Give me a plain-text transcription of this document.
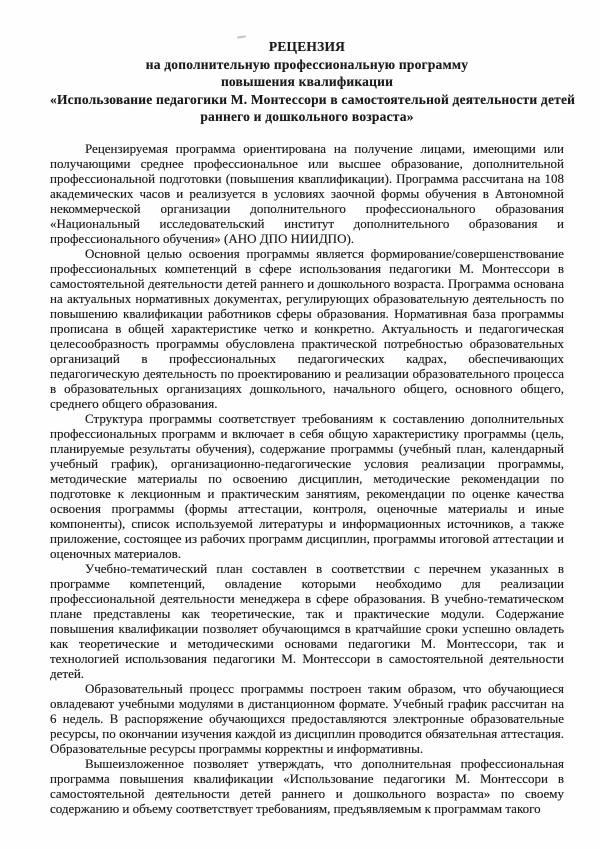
РЕЦЕНЗИЯ
на дополнительную профессиональную программу
повышения квалификации
«Использование педагогики М. Монтессори в самостоятельной деятельности детей
раннего и дошкольного возраста»

Рецензируемая программа ориентирована на получение лицами, имеющими или получающими среднее профессиональное или высшее образование, дополнительной профессиональной подготовки (повышения кваплификации). Программа рассчитана на 108 академических часов и реализуется в условиях заочной формы обучения в Автономной некоммерческой организации дополнительного профессионального образования «Национальный исследовательский институт дополнительного образования и профессионального обучения» (АНО ДПО НИИДПО).

Основной целью освоения программы является формирование/совершенствование профессиональных компетенций в сфере использования педагогики М. Монтессори в самостоятельной деятельности детей раннего и дошкольного возраста. Программа основана на актуальных нормативных документах, регулирующих образовательную деятельность по повышению квалификации работников сферы образования. Нормативная база программы прописана в общей характеристике четко и конкретно. Актуальность и педагогическая целесообразность программы обусловлена практической потребностью образовательных организаций в профессиональных педагогических кадрах, обеспечивающих педагогическую деятельность по проектированию и реализации образовательного процесса в образовательных организациях дошкольного, начального общего, основного общего, среднего общего образования.

Структура программы соответствует требованиям к составлению дополнительных профессиональных программ и включает в себя общую характеристику программы (цель, планируемые результаты обучения), содержание программы (учебный план, календарный учебный график), организационно-педагогические условия реализации программы, методические материалы по освоению дисциплин, методические рекомендации по подготовке к лекционным и практическим занятиям, рекомендации по оценке качества освоения программы (формы аттестации, контроля, оценочные материалы и иные компоненты), список используемой литературы и информационных источников, а также приложение, состоящее из рабочих программ дисциплин, программы итоговой аттестации и оценочных материалов.

Учебно-тематический план составлен в соответствии с перечнем указанных в программе компетенций, овладение которыми необходимо для реализации профессиональной деятельности менеджера в сфере образования. В учебно-тематическом плане представлены как теоретические, так и практические модули. Содержание повышения квалификации позволяет обучающимся в кратчайшие сроки успешно овладеть как теоретические и методическими основами педагогики М. Монтессори, так и технологией использования педагогики М. Монтессори в самостоятельной деятельности детей.

Образовательный процесс программы построен таким образом, что обучающиеся овладевают учебными модулями в дистанционном формате. Учебный график рассчитан на 6 недель. В распоряжение обучающихся предоставляются электронные образовательные ресурсы, по окончании изучения каждой из дисциплин проводится обязательная аттестация. Образовательные ресурсы программы корректны и информативны.

Вышеизложенное позволяет утверждать, что дополнительная профессиональная программа повышения квалификации «Использование педагогики М. Монтессори в самостоятельной деятельности детей раннего и дошкольного возраста» по своему содержанию и объему соответствует требованиям, предъявляемым к программам такого
